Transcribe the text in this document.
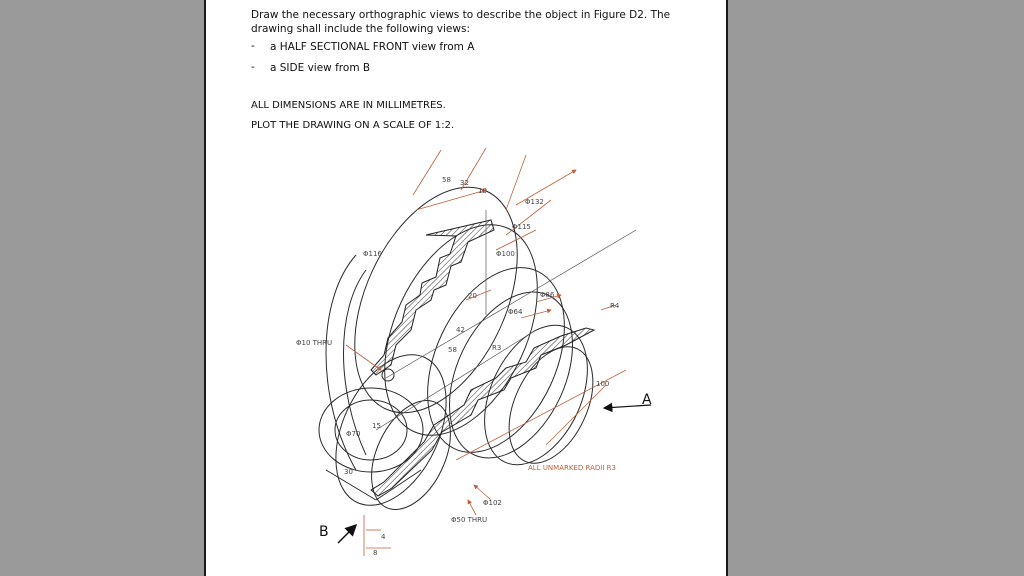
Draw the necessary orthographic views to describe the object in Figure D2. The
drawing shall include the following views:
- a HALF SECTIONAL FRONT view from A
- a SIDE view from B
ALL DIMENSIONS ARE IN MILLIMETRES.
PLOT THE DRAWING ON A SCALE OF 1:2.
58 32
10
Φ132
Φ115
Φ100
Φ116
20	Φ86
Φ64
R4
42
Φ10 THRU
R3
58
100
Φ70
15
30
Φ102
Φ50 THRU
4
8
A
B
ALL UNMARKED RADII R3
